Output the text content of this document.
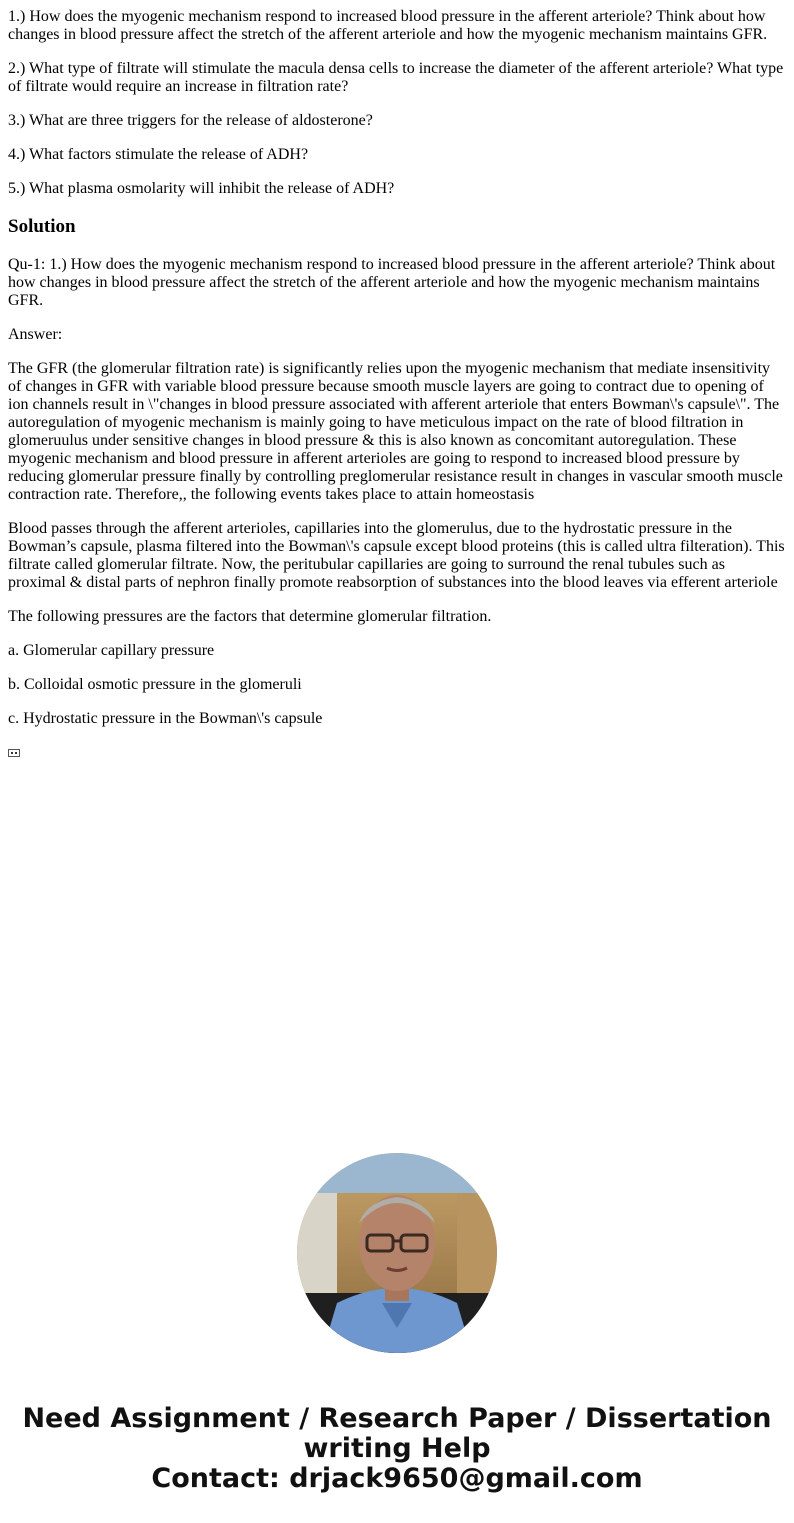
1.) How does the myogenic mechanism respond to increased blood pressure in the afferent arteriole? Think about how changes in blood pressure affect the stretch of the afferent arteriole and how the myogenic mechanism maintains GFR.

2.) What type of filtrate will stimulate the macula densa cells to increase the diameter of the afferent arteriole? What type of filtrate would require an increase in filtration rate?

3.) What are three triggers for the release of aldosterone?

4.) What factors stimulate the release of ADH?

5.) What plasma osmolarity will inhibit the release of ADH?

Solution

Qu-1: 1.) How does the myogenic mechanism respond to increased blood pressure in the afferent arteriole? Think about how changes in blood pressure affect the stretch of the afferent arteriole and how the myogenic mechanism maintains GFR.

Answer:

The GFR (the glomerular filtration rate) is significantly relies upon the myogenic mechanism that mediate insensitivity of changes in GFR with variable blood pressure because smooth muscle layers are going to contract due to opening of ion channels result in \"changes in blood pressure associated with afferent arteriole that enters Bowman\'s capsule\". The autoregulation of myogenic mechanism is mainly going to have meticulous impact on the rate of blood filtration in glomeruulus under sensitive changes in blood pressure & this is also known as concomitant autoregulation. These myogenic mechanism and blood pressure in afferent arterioles are going to respond to increased blood pressure by reducing glomerular pressure finally by controlling preglomerular resistance result in changes in vascular smooth muscle contraction rate. Therefore,, the following events takes place to attain homeostasis

Blood passes through the afferent arterioles, capillaries into the glomerulus, due to the hydrostatic pressure in the Bowman’s capsule, plasma filtered into the Bowman\'s capsule except blood proteins (this is called ultra filteration). This filtrate called glomerular filtrate. Now, the peritubular capillaries are going to surround the renal tubules such as proximal & distal parts of nephron finally promote reabsorption of substances into the blood leaves via efferent arteriole

The following pressures are the factors that determine glomerular filtration.

a. Glomerular capillary pressure

b. Colloidal osmotic pressure in the glomeruli

c. Hydrostatic pressure in the Bowman\'s capsule

Need Assignment / Research Paper / Dissertation
writing Help
Contact: drjack9650@gmail.com
